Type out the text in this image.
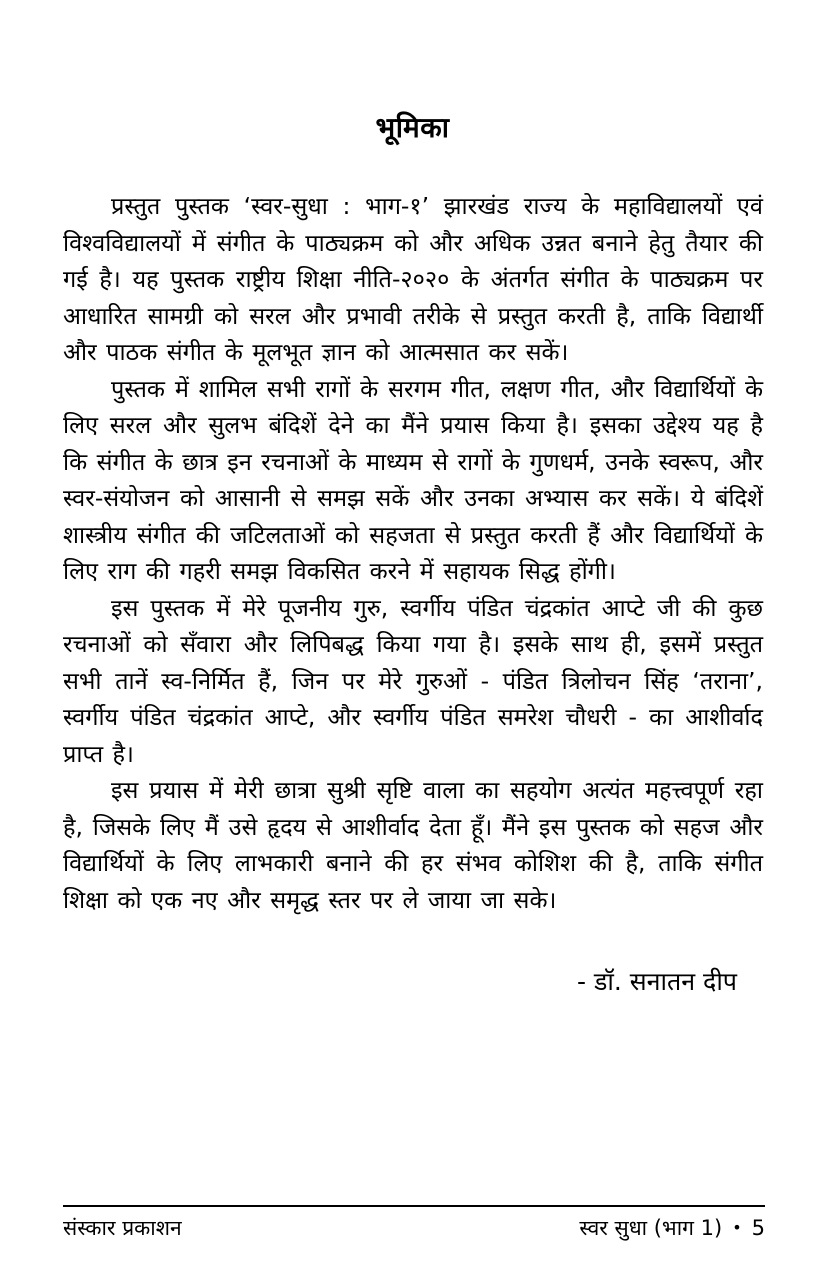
भूमिका

प्रस्तुत पुस्तक ‘स्वर-सुधा : भाग-१’ झारखंड राज्य के महाविद्यालयों एवं विश्वविद्यालयों में संगीत के पाठ्यक्रम को और अधिक उन्नत बनाने हेतु तैयार की गई है। यह पुस्तक राष्ट्रीय शिक्षा नीति-२०२० के अंतर्गत संगीत के पाठ्यक्रम पर आधारित सामग्री को सरल और प्रभावी तरीके से प्रस्तुत करती है, ताकि विद्यार्थी और पाठक संगीत के मूलभूत ज्ञान को आत्मसात कर सकें।

पुस्तक में शामिल सभी रागों के सरगम गीत, लक्षण गीत, और विद्यार्थियों के लिए सरल और सुलभ बंदिशें देने का मैंने प्रयास किया है। इसका उद्देश्य यह है कि संगीत के छात्र इन रचनाओं के माध्यम से रागों के गुणधर्म, उनके स्वरूप, और स्वर-संयोजन को आसानी से समझ सकें और उनका अभ्यास कर सकें। ये बंदिशें शास्त्रीय संगीत की जटिलताओं को सहजता से प्रस्तुत करती हैं और विद्यार्थियों के लिए राग की गहरी समझ विकसित करने में सहायक सिद्ध होंगी।

इस पुस्तक में मेरे पूजनीय गुरु, स्वर्गीय पंडित चंद्रकांत आप्टे जी की कुछ रचनाओं को सँवारा और लिपिबद्ध किया गया है। इसके साथ ही, इसमें प्रस्तुत सभी तानें स्व-निर्मित हैं, जिन पर मेरे गुरुओं - पंडित त्रिलोचन सिंह ‘तराना’, स्वर्गीय पंडित चंद्रकांत आप्टे, और स्वर्गीय पंडित समरेश चौधरी - का आशीर्वाद प्राप्त है।

इस प्रयास में मेरी छात्रा सुश्री सृष्टि वाला का सहयोग अत्यंत महत्त्वपूर्ण रहा है, जिसके लिए मैं उसे हृदय से आशीर्वाद देता हूँ। मैंने इस पुस्तक को सहज और विद्यार्थियों के लिए लाभकारी बनाने की हर संभव कोशिश की है, ताकि संगीत शिक्षा को एक नए और समृद्ध स्तर पर ले जाया जा सके।

- डॉ. सनातन दीप
संस्कार प्रकाशन	स्वर सुधा (भाग 1) • 5
